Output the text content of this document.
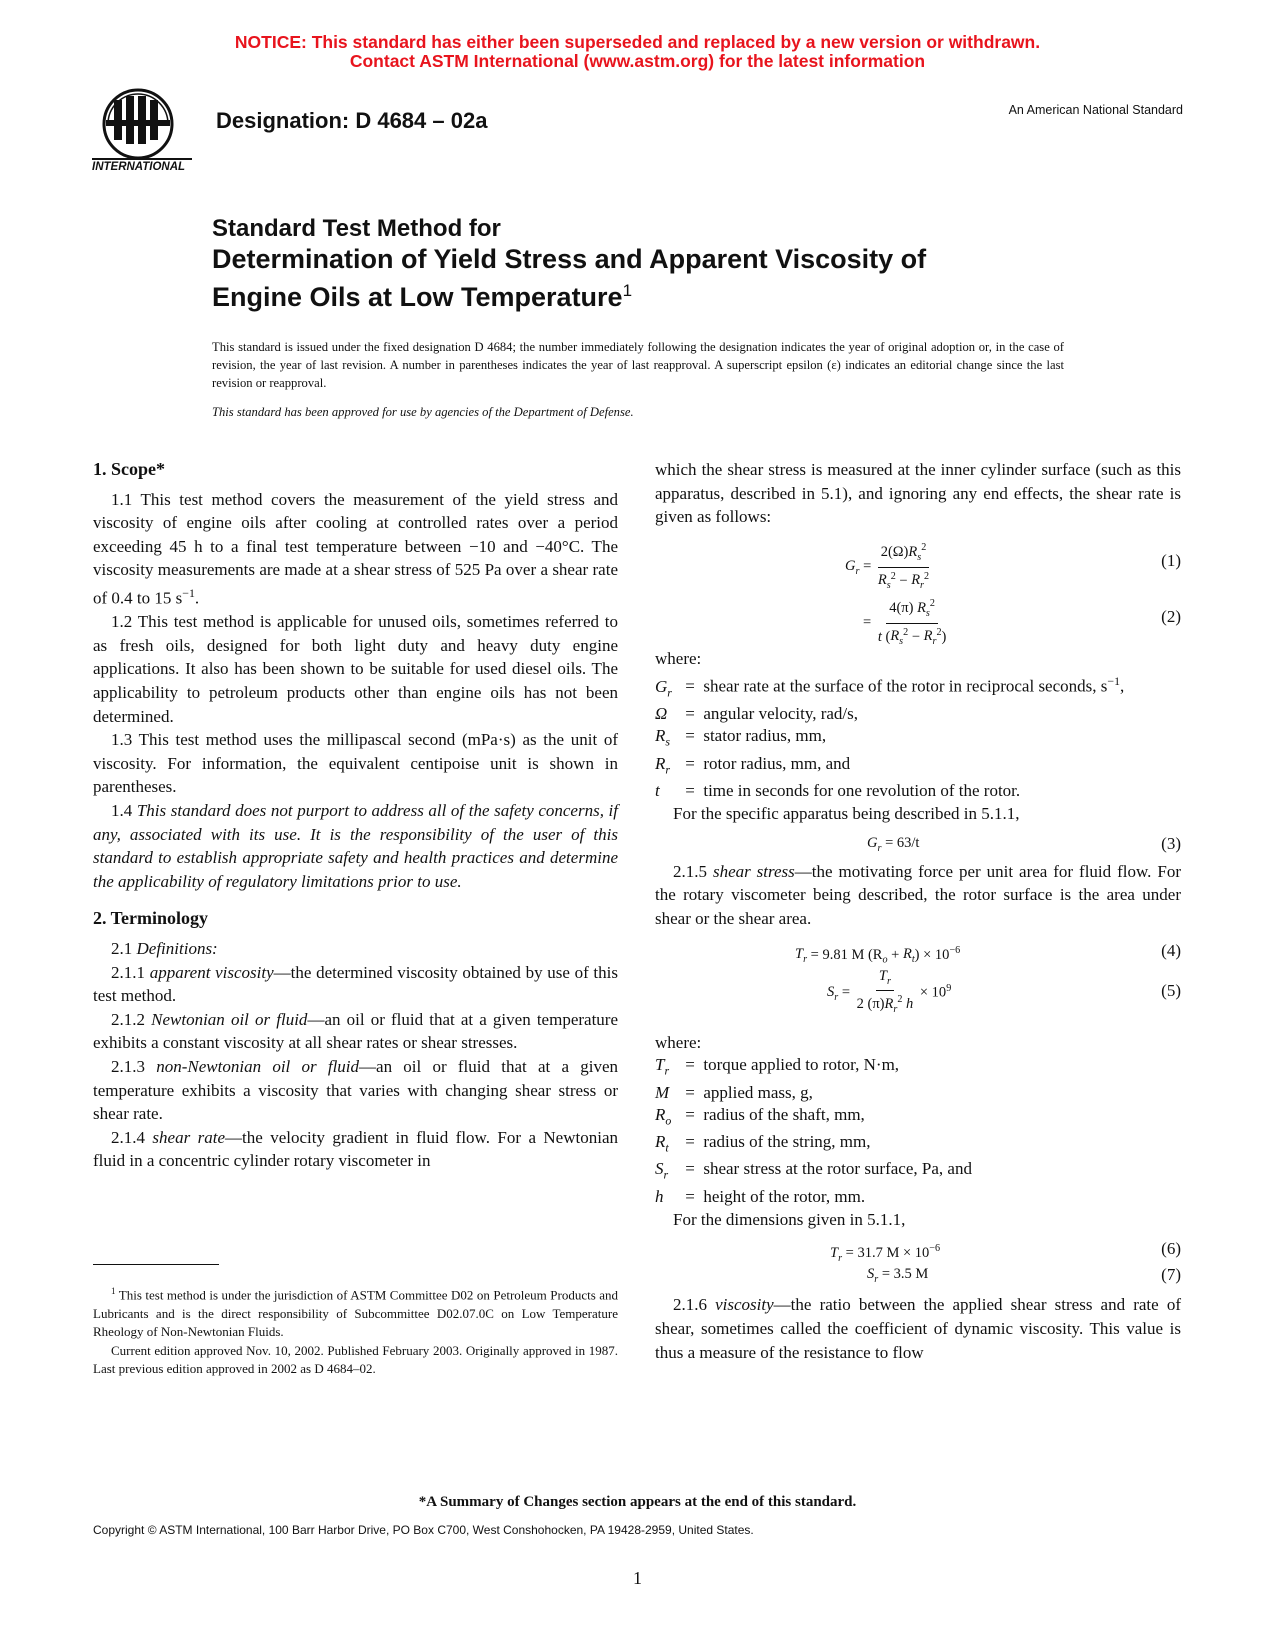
NOTICE: This standard has either been superseded and replaced by a new version or withdrawn.
Contact ASTM International (www.astm.org) for the latest information
INTERNATIONAL
Designation: D 4684 – 02a	An American National Standard
Standard Test Method for
Determination of Yield Stress and Apparent Viscosity of
Engine Oils at Low Temperature$^1$
This standard is issued under the fixed designation D 4684; the number immediately following the designation indicates the year of original adoption or, in the case of revision, the year of last revision. A number in parentheses indicates the year of last reapproval. A superscript epsilon (ε) indicates an editorial change since the last revision or reapproval.
This standard has been approved for use by agencies of the Department of Defense.

1. Scope*

1.1 This test method covers the measurement of the yield stress and viscosity of engine oils after cooling at controlled rates over a period exceeding 45 h to a final test temperature between −10 and −40°C. The viscosity measurements are made at a shear stress of 525 Pa over a shear rate of 0.4 to 15 $s^{-1}$.

1.2 This test method is applicable for unused oils, sometimes referred to as fresh oils, designed for both light duty and heavy duty engine applications. It also has been shown to be suitable for used diesel oils. The applicability to petroleum products other than engine oils has not been determined.

1.3 This test method uses the millipascal second (mPa·s) as the unit of viscosity. For information, the equivalent centipoise unit is shown in parentheses.

1.4 This standard does not purport to address all of the safety concerns, if any, associated with its use. It is the responsibility of the user of this standard to establish appropriate safety and health practices and determine the applicability of regulatory limitations prior to use.

2. Terminology

2.1 Definitions:

2.1.1 apparent viscosity—the determined viscosity obtained by use of this test method.

2.1.2 Newtonian oil or fluid—an oil or fluid that at a given temperature exhibits a constant viscosity at all shear rates or shear stresses.

2.1.3 non-Newtonian oil or fluid—an oil or fluid that at a given temperature exhibits a viscosity that varies with changing shear stress or shear rate.

2.1.4 shear rate—the velocity gradient in fluid flow. For a Newtonian fluid in a concentric cylinder rotary viscometer in

which the shear stress is measured at the inner cylinder surface (such as this apparatus, described in 5.1), and ignoring any end effects, the shear rate is given as follows:

$G_r = \frac{2(\Omega)R_s^2}{R_s^2 - R_r^2}$	(1)
= $\frac{4(\pi) R_s^2}{t (R_s^2 - R_r^2)}$	(2)

where:

$G_r$ =  shear rate at the surface of the rotor in reciprocal seconds, $s^{-1}$,
Ω =  angular velocity, rad/s,
$R_s$ =  stator radius, mm,
$R_r$ =  rotor radius, mm, and
t =  time in seconds for one revolution of the rotor.

For the specific apparatus being described in 5.1.1,

$G_r = 63/t$	(3)

2.1.5 shear stress—the motivating force per unit area for fluid flow. For the rotary viscometer being described, the rotor surface is the area under shear or the shear area.

$T_r = 9.81$ M $(R_o + R_t) \times 10^{-6}$	(4)
$S_r = \frac{T_r}{2 (\pi)R_r^2 h} \times 10^9$	(5)

where:

$T_r$ =  torque applied to rotor, N·m,
M =  applied mass, g,
$R_o$ =  radius of the shaft, mm,
$R_t$ =  radius of the string, mm,
$S_r$ =  shear stress at the rotor surface, Pa, and
h =  height of the rotor, mm.

For the dimensions given in 5.1.1,

$T_r = 31.7$ $M \times 10^{-6}$	(6)
$S_r = 3.5$ M	(7)

2.1.6 viscosity—the ratio between the applied shear stress and rate of shear, sometimes called the coefficient of dynamic viscosity. This value is thus a measure of the resistance to flow

$^1$ This test method is under the jurisdiction of ASTM Committee D02 on Petroleum Products and Lubricants and is the direct responsibility of Subcommittee D02.07.0C on Low Temperature Rheology of Non-Newtonian Fluids.

Current edition approved Nov. 10, 2002. Published February 2003. Originally approved in 1987. Last previous edition approved in 2002 as D 4684–02.

*A Summary of Changes section appears at the end of this standard.
Copyright © ASTM International, 100 Barr Harbor Drive, PO Box C700, West Conshohocken, PA 19428-2959, United States.
1
